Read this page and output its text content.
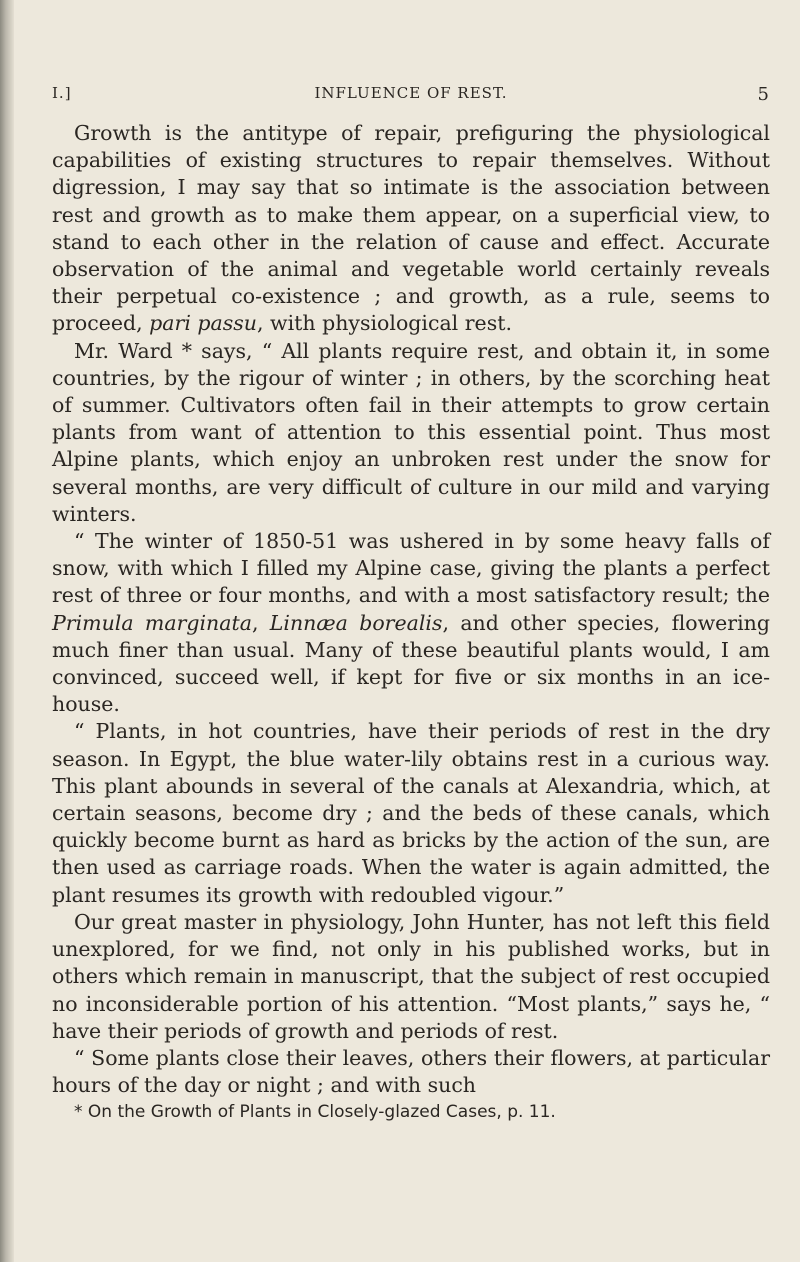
I.]	INFLUENCE OF REST.	5

Growth is the antitype of repair, prefiguring the physiological capabilities of existing structures to repair themselves. Without digression, I may say that so intimate is the association between rest and growth as to make them appear, on a superficial view, to stand to each other in the relation of cause and effect. Accurate observation of the animal and vegetable world certainly reveals their perpetual co-existence ; and growth, as a rule, seems to proceed, pari passu, with physiological rest.

Mr. Ward * says, “ All plants require rest, and obtain it, in some countries, by the rigour of winter ; in others, by the scorching heat of summer. Cultivators often fail in their attempts to grow certain plants from want of attention to this essential point. Thus most Alpine plants, which enjoy an unbroken rest under the snow for several months, are very difficult of culture in our mild and varying winters.

“ The winter of 1850-51 was ushered in by some heavy falls of snow, with which I filled my Alpine case, giving the plants a perfect rest of three or four months, and with a most satisfactory result; the Primula marginata, Linnæa borealis, and other species, flowering much finer than usual. Many of these beautiful plants would, I am convinced, succeed well, if kept for five or six months in an ice-house.

“ Plants, in hot countries, have their periods of rest in the dry season. In Egypt, the blue water-lily obtains rest in a curious way. This plant abounds in several of the canals at Alexandria, which, at certain seasons, become dry ; and the beds of these canals, which quickly become burnt as hard as bricks by the action of the sun, are then used as carriage roads. When the water is again admitted, the plant resumes its growth with redoubled vigour.”

Our great master in physiology, John Hunter, has not left this field unexplored, for we find, not only in his published works, but in others which remain in manuscript, that the subject of rest occupied no inconsiderable portion of his attention. “Most plants,” says he, “ have their periods of growth and periods of rest.

“ Some plants close their leaves, others their flowers, at particular hours of the day or night ; and with such

* On the Growth of Plants in Closely-glazed Cases, p. 11.
